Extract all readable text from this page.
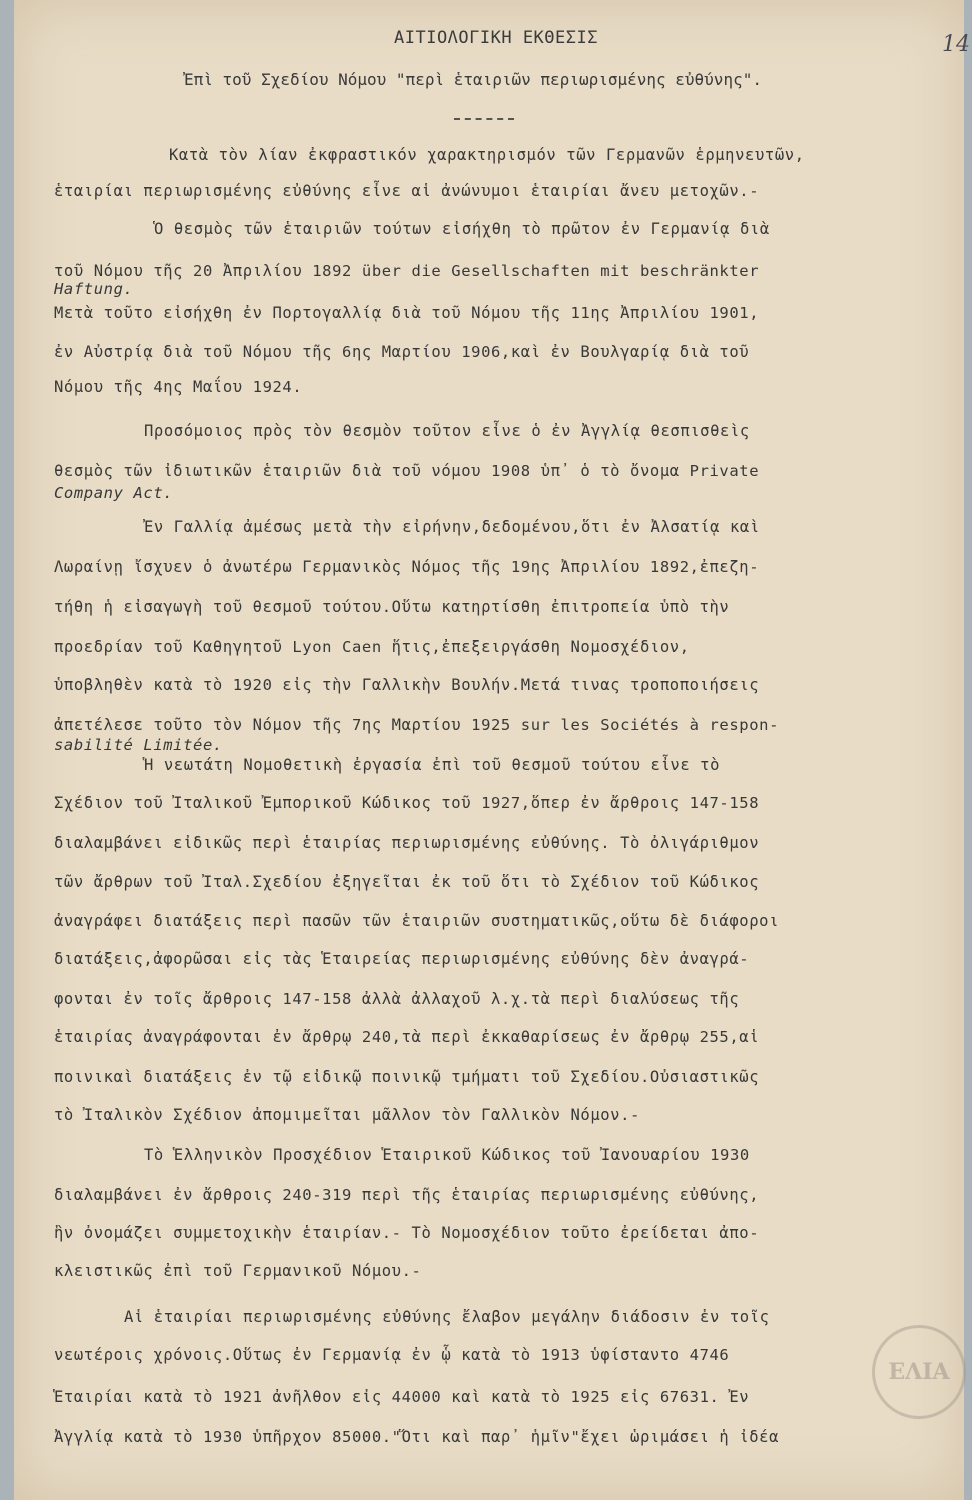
14
ΑΙΤΙΟΛΟΓΙΚΗ ΕΚΘΕΣΙΣ
Ἐπὶ τοῦ Σχεδίου Νόμου "περὶ ἑταιριῶν περιωρισμένης εὐθύνης".
Κατὰ τὸν λίαν ἐκφραστικόν χαρακτηρισμόν τῶν Γερμανῶν ἑρμηνευτῶν,
ἑταιρίαι περιωρισμένης εὐθύνης εἶνε αἱ ἀνώνυμοι ἑταιρίαι ἄνευ μετοχῶν.-
Ὁ θεσμὸς τῶν ἑταιριῶν τούτων εἰσήχθη τὸ πρῶτον ἐν Γερμανίᾳ διὰ
τοῦ Νόμου τῆς 20 Ἀπριλίου 1892 über die Gesellschaften mit beschränkter
Haftung.
Μετὰ τοῦτο εἰσήχθη ἐν Πορτογαλλίᾳ διὰ τοῦ Νόμου τῆς 11ης Ἀπριλίου 1901,
ἐν Αὐστρίᾳ διὰ τοῦ Νόμου τῆς 6ης Μαρτίου 1906,καὶ ἐν Βουλγαρίᾳ διὰ τοῦ
Νόμου τῆς 4ης Μαΐου 1924.
Προσόμοιος πρὸς τὸν θεσμὸν τοῦτον εἶνε ὁ ἐν Ἀγγλίᾳ θεσπισθεὶς
θεσμὸς τῶν ἰδιωτικῶν ἑταιριῶν διὰ τοῦ νόμου 1908 ὑπ᾽ ὁ τὸ ὄνομα Private
Company Act.
Ἐν Γαλλίᾳ ἀμέσως μετὰ τὴν εἰρήνην,δεδομένου,ὅτι ἐν Ἀλσατίᾳ καὶ
Λωραίνῃ ἴσχυεν ὁ ἀνωτέρω Γερμανικὸς Νόμος τῆς 19ης Ἀπριλίου 1892,ἐπεζη-
τήθη ἡ εἰσαγωγὴ τοῦ θεσμοῦ τούτου.Οὕτω κατηρτίσθη ἐπιτροπεία ὑπὸ τὴν
προεδρίαν τοῦ Καθηγητοῦ Lyon Caen ἥτις,ἐπεξειργάσθη Νομοσχέδιον,
ὑποβληθὲν κατὰ τὸ 1920 εἰς τὴν Γαλλικὴν Βουλήν.Μετά τινας τροποποιήσεις
ἀπετέλεσε τοῦτο τὸν Νόμον τῆς 7ης Μαρτίου 1925 sur les Sociétés à respon-
sabilité Limitée.
Ἡ νεωτάτη Νομοθετικὴ ἐργασία ἐπὶ τοῦ θεσμοῦ τούτου εἶνε τὸ
Σχέδιον τοῦ Ἰταλικοῦ Ἐμπορικοῦ Κώδικος τοῦ 1927,ὅπερ ἐν ἄρθροις 147-158
διαλαμβάνει εἰδικῶς περὶ ἑταιρίας περιωρισμένης εὐθύνης. Τὸ ὀλιγάριθμον
τῶν ἄρθρων τοῦ Ἰταλ.Σχεδίου ἐξηγεῖται ἐκ τοῦ ὅτι τὸ Σχέδιον τοῦ Κώδικος
ἀναγράφει διατάξεις περὶ πασῶν τῶν ἑταιριῶν συστηματικῶς,οὕτω δὲ διάφοροι
διατάξεις,ἀφορῶσαι εἰς τὰς Ἑταιρείας περιωρισμένης εὐθύνης δὲν ἀναγρά-
φονται ἐν τοῖς ἄρθροις 147-158 ἀλλὰ ἀλλαχοῦ λ.χ.τὰ περὶ διαλύσεως τῆς
ἑταιρίας ἀναγράφονται ἐν ἄρθρῳ 240,τὰ περὶ ἐκκαθαρίσεως ἐν ἄρθρῳ 255,αἱ
ποινικαὶ διατάξεις ἐν τῷ εἰδικῷ ποινικῷ τμήματι τοῦ Σχεδίου.Οὐσιαστικῶς
τὸ Ἰταλικὸν Σχέδιον ἀπομιμεῖται μᾶλλον τὸν Γαλλικὸν Νόμον.-
Τὸ Ἑλληνικὸν Προσχέδιον Ἑταιρικοῦ Κώδικος τοῦ Ἰανουαρίου 1930
διαλαμβάνει ἐν ἄρθροις 240-319 περὶ τῆς ἑταιρίας περιωρισμένης εὐθύνης,
ἣν ὀνομάζει συμμετοχικὴν ἑταιρίαν.- Τὸ Νομοσχέδιον τοῦτο ἐρείδεται ἀπο-
κλειστικῶς ἐπὶ τοῦ Γερμανικοῦ Νόμου.-
Αἱ ἑταιρίαι περιωρισμένης εὐθύνης ἔλαβον μεγάλην διάδοσιν ἐν τοῖς
νεωτέροις χρόνοις.Οὕτως ἐν Γερμανίᾳ ἐν ᾧ κατὰ τὸ 1913 ὑφίσταντο 4746
Ἑταιρίαι κατὰ τὸ 1921 ἀνῆλθον εἰς 44000 καὶ κατὰ τὸ 1925 εἰς 67631. Ἐν
Ἀγγλίᾳ κατὰ τὸ 1930 ὑπῆρχον 85000."Ὅτι καὶ παρ᾽ ἡμῖν"ἔχει ὡριμάσει ἡ ἰδέα
ΕΛΙΑ
